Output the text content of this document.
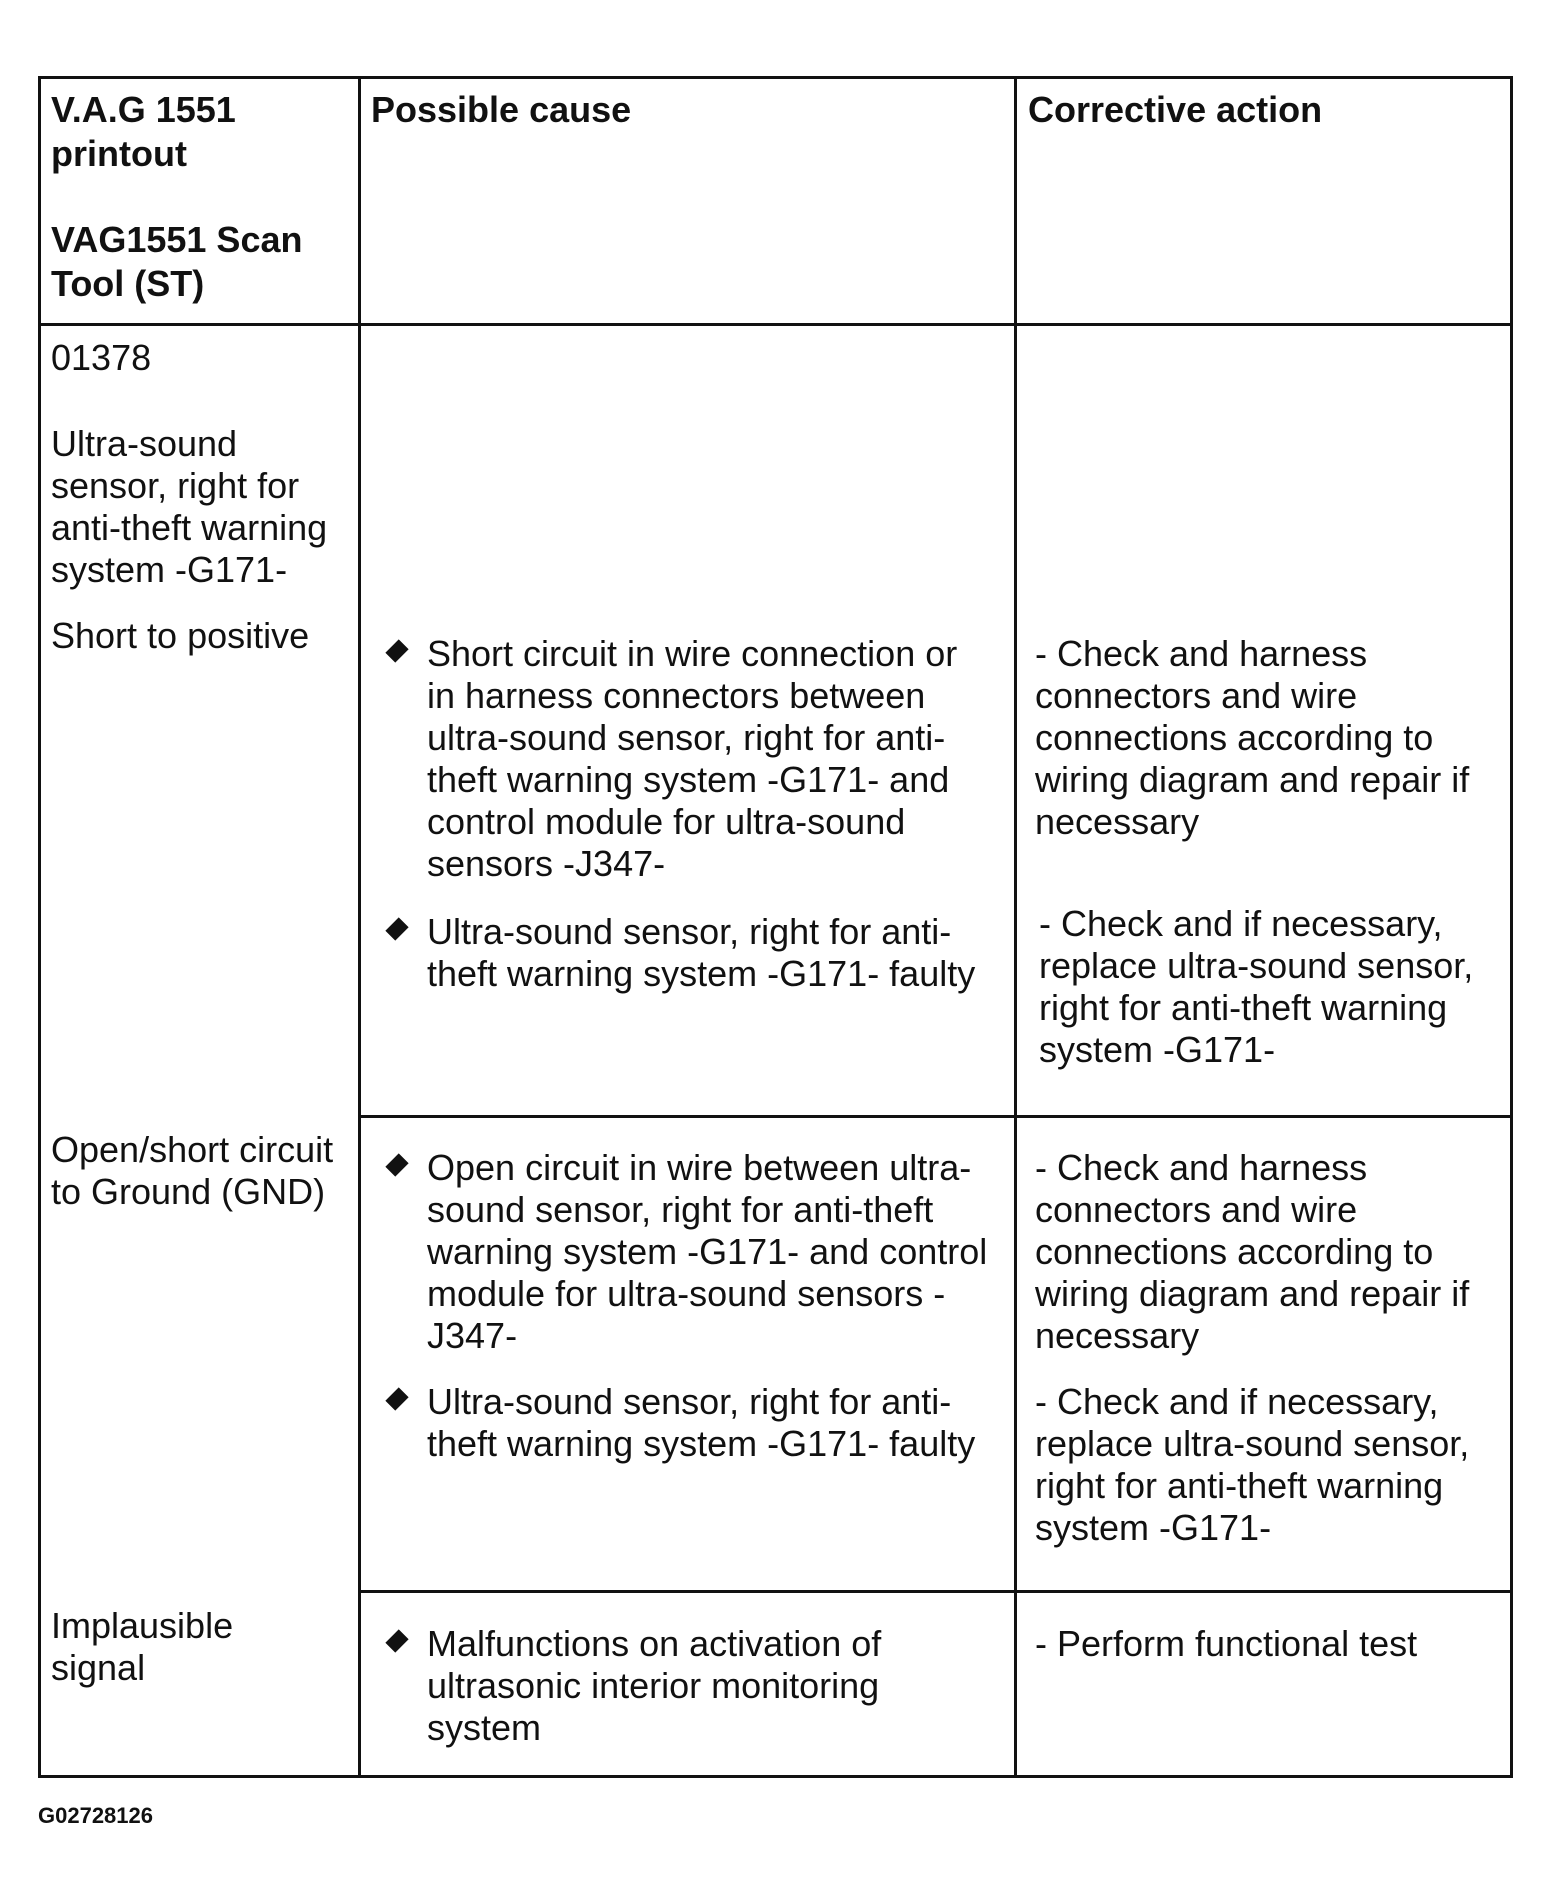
V.A.G 1551

printout

VAG1551 Scan

Tool (ST)

Possible cause	Corrective action

01378

Ultra-sound

sensor, right for

anti-theft warning

system -G171-

Short to positive	Short circuit in wire connection or
in harness connectors between
ultra-sound sensor, right for anti-
theft warning system -G171- and
control module for ultra-sound
sensors -J347-
Ultra-sound sensor, right for anti-
theft warning system -G171- faulty
- Check and harness
connectors and wire
connections according to
wiring diagram and repair if
necessary
- Check and if necessary,
replace ultra-sound sensor,
right for anti-theft warning
system -G171-
Open/short circuit
to Ground (GND)
Open circuit in wire between ultra-
sound sensor, right for anti-theft
warning system -G171- and control
module for ultra-sound sensors -
J347-
Ultra-sound sensor, right for anti-
theft warning system -G171- faulty
- Check and harness
connectors and wire
connections according to
wiring diagram and repair if
necessary
- Check and if necessary,
replace ultra-sound sensor,
right for anti-theft warning
system -G171-
Implausible
signal
Malfunctions on activation of
ultrasonic interior monitoring
system
- Perform functional test
G02728126
